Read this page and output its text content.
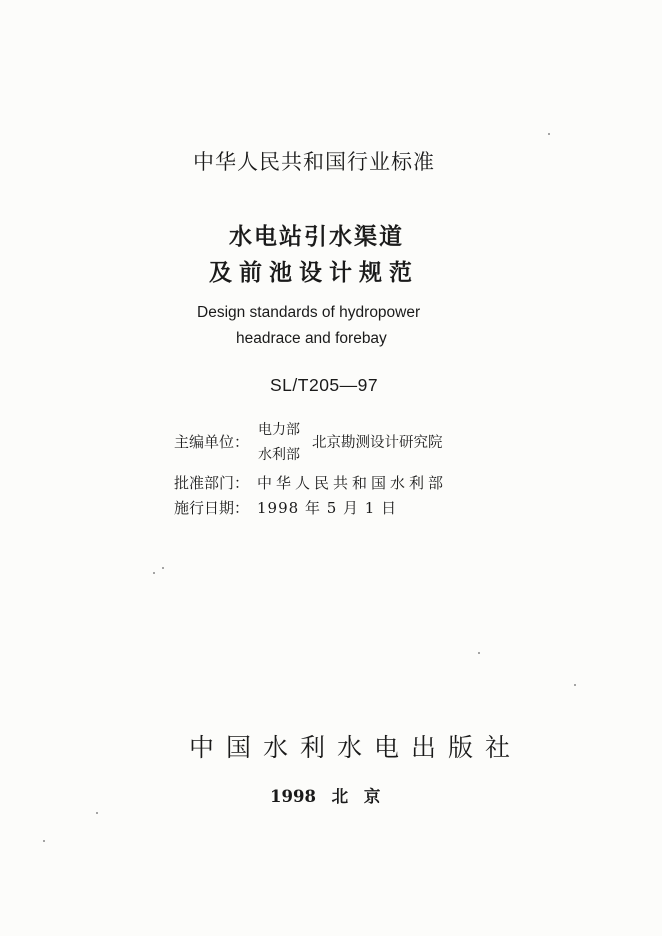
中华人民共和国行业标准
水电站引水渠道
及前池设计规范
Design standards of hydropower
headrace and forebay
SL/T205—97
主编单位：
电力部
水利部
北京勘测设计研究院
批准部门： 中华人民共和国水利部
施行日期： 1998 年 5 月 1 日
中国水利水电出版社
1998 北 京
